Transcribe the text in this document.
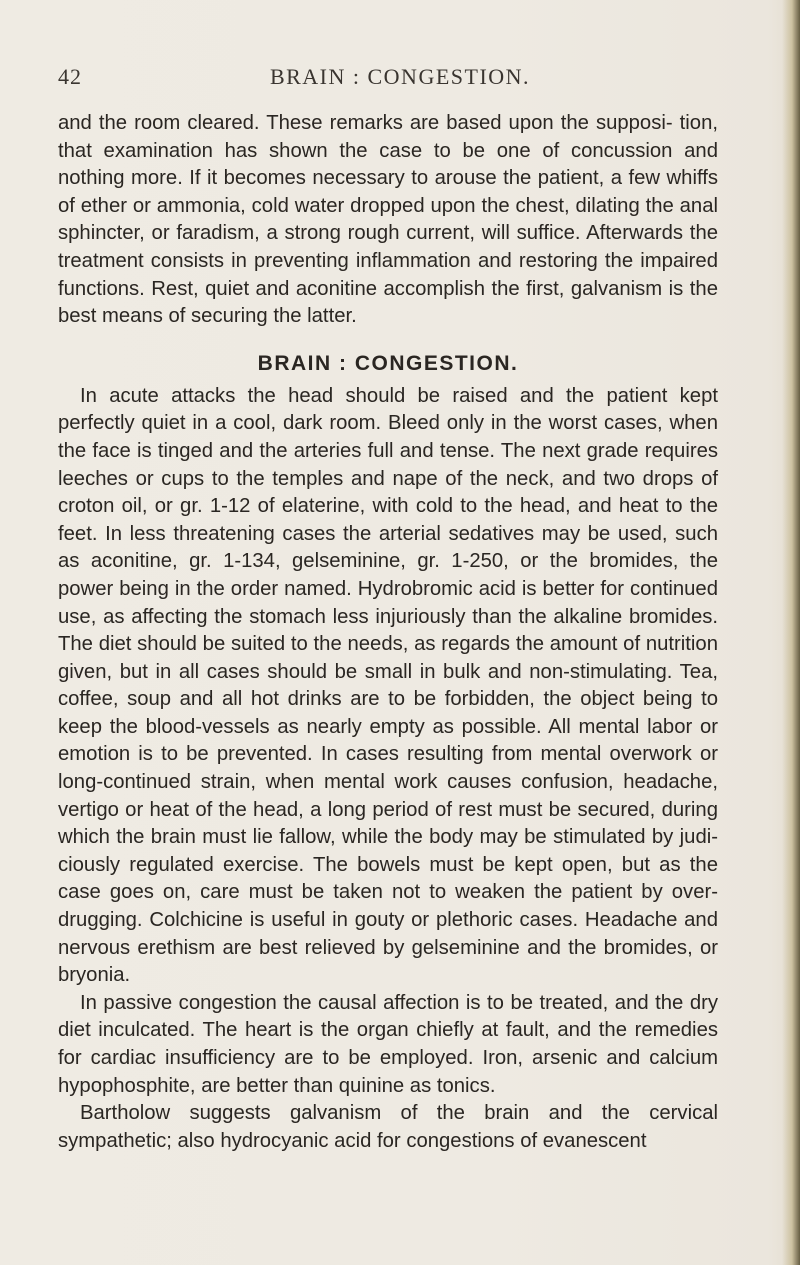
42	BRAIN : CONGESTION.

and the room cleared. These remarks are based upon the supposi- tion, that examination has shown the case to be one of concussion and nothing more. If it becomes necessary to arouse the patient, a few whiffs of ether or ammonia, cold water dropped upon the chest, dilating the anal sphincter, or faradism, a strong rough current, will suffice. Afterwards the treatment consists in preventing inflammation and restoring the impaired functions. Rest, quiet and aconitine accomplish the first, galvanism is the best means of securing the latter.

BRAIN : CONGESTION.

In acute attacks the head should be raised and the patient kept perfectly quiet in a cool, dark room. Bleed only in the worst cases, when the face is tinged and the arteries full and tense. The next grade requires leeches or cups to the temples and nape of the neck, and two drops of croton oil, or gr. 1-12 of elaterine, with cold to the head, and heat to the feet. In less threatening cases the arterial sedatives may be used, such as aconitine, gr. 1-134, gelseminine, gr. 1-250, or the bromides, the power being in the order named. Hydrobromic acid is better for continued use, as affecting the stomach less injuriously than the alkaline bromides. The diet should be suited to the needs, as regards the amount of nutrition given, but in all cases should be small in bulk and non-stimulating. Tea, coffee, soup and all hot drinks are to be forbidden, the object being to keep the blood-vessels as nearly empty as possible. All mental labor or emotion is to be prevented. In cases resulting from mental overwork or long-continued strain, when mental work causes confusion, headache, vertigo or heat of the head, a long period of rest must be secured, during which the brain must lie fallow, while the body may be stimulated by judi- ciously regulated exercise. The bowels must be kept open, but as the case goes on, care must be taken not to weaken the patient by over-drugging. Colchicine is useful in gouty or plethoric cases. Headache and nervous erethism are best relieved by gelseminine and the bromides, or bryonia.

In passive congestion the causal affection is to be treated, and the dry diet inculcated. The heart is the organ chiefly at fault, and the remedies for cardiac insufficiency are to be employed. Iron, arsenic and calcium hypophosphite, are better than quinine as tonics.

Bartholow suggests galvanism of the brain and the cervical sympathetic; also hydrocyanic acid for congestions of evanescent
